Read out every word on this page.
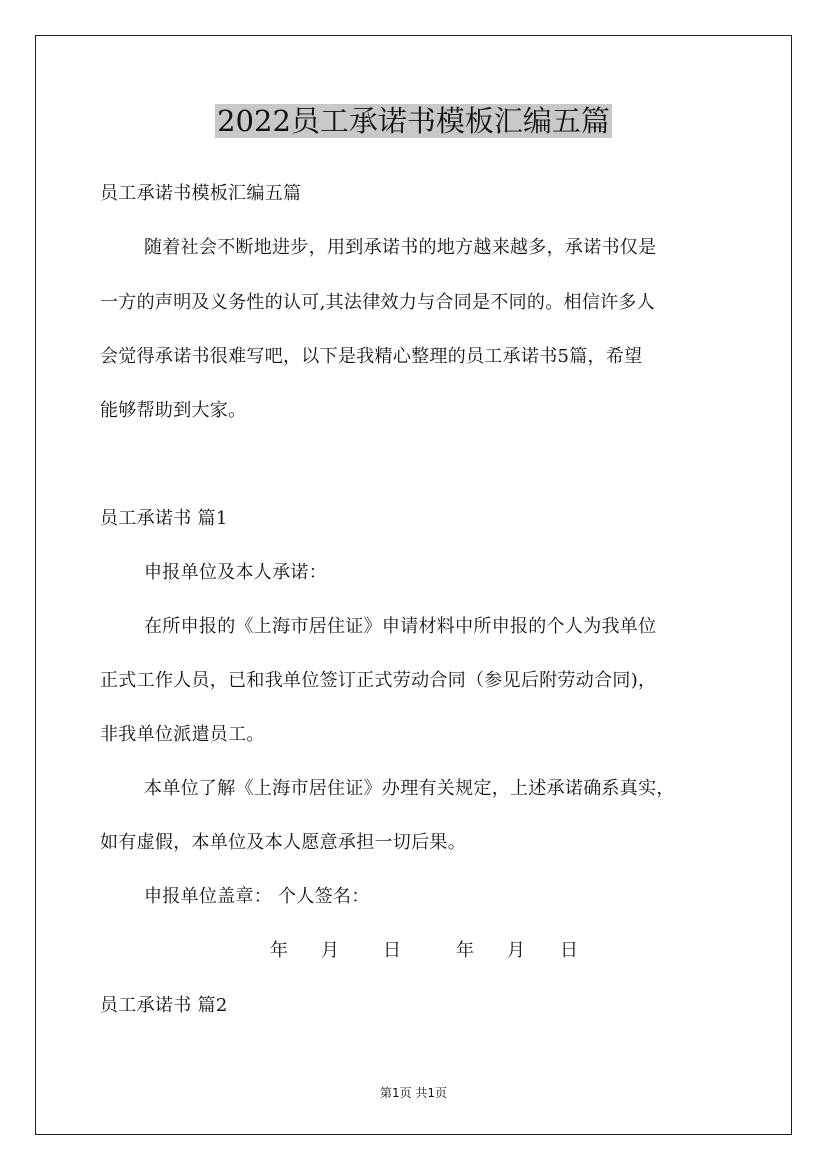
2022员工承诺书模板汇编五篇
员工承诺书模板汇编五篇
随着社会不断地进步，用到承诺书的地方越来越多，承诺书仅是
一方的声明及义务性的认可,其法律效力与合同是不同的。相信许多人
会觉得承诺书很难写吧，以下是我精心整理的员工承诺书5篇，希望
能够帮助到大家。
员工承诺书 篇1
申报单位及本人承诺：
在所申报的《上海市居住证》申请材料中所申报的个人为我单位
正式工作人员，已和我单位签订正式劳动合同（参见后附劳动合同)，
非我单位派遣员工。
本单位了解《上海市居住证》办理有关规定，上述承诺确系真实，
如有虚假，本单位及本人愿意承担一切后果。
申报单位盖章： 个人签名：
年 月 日	年 月 日
员工承诺书 篇2
第1页 共1页
